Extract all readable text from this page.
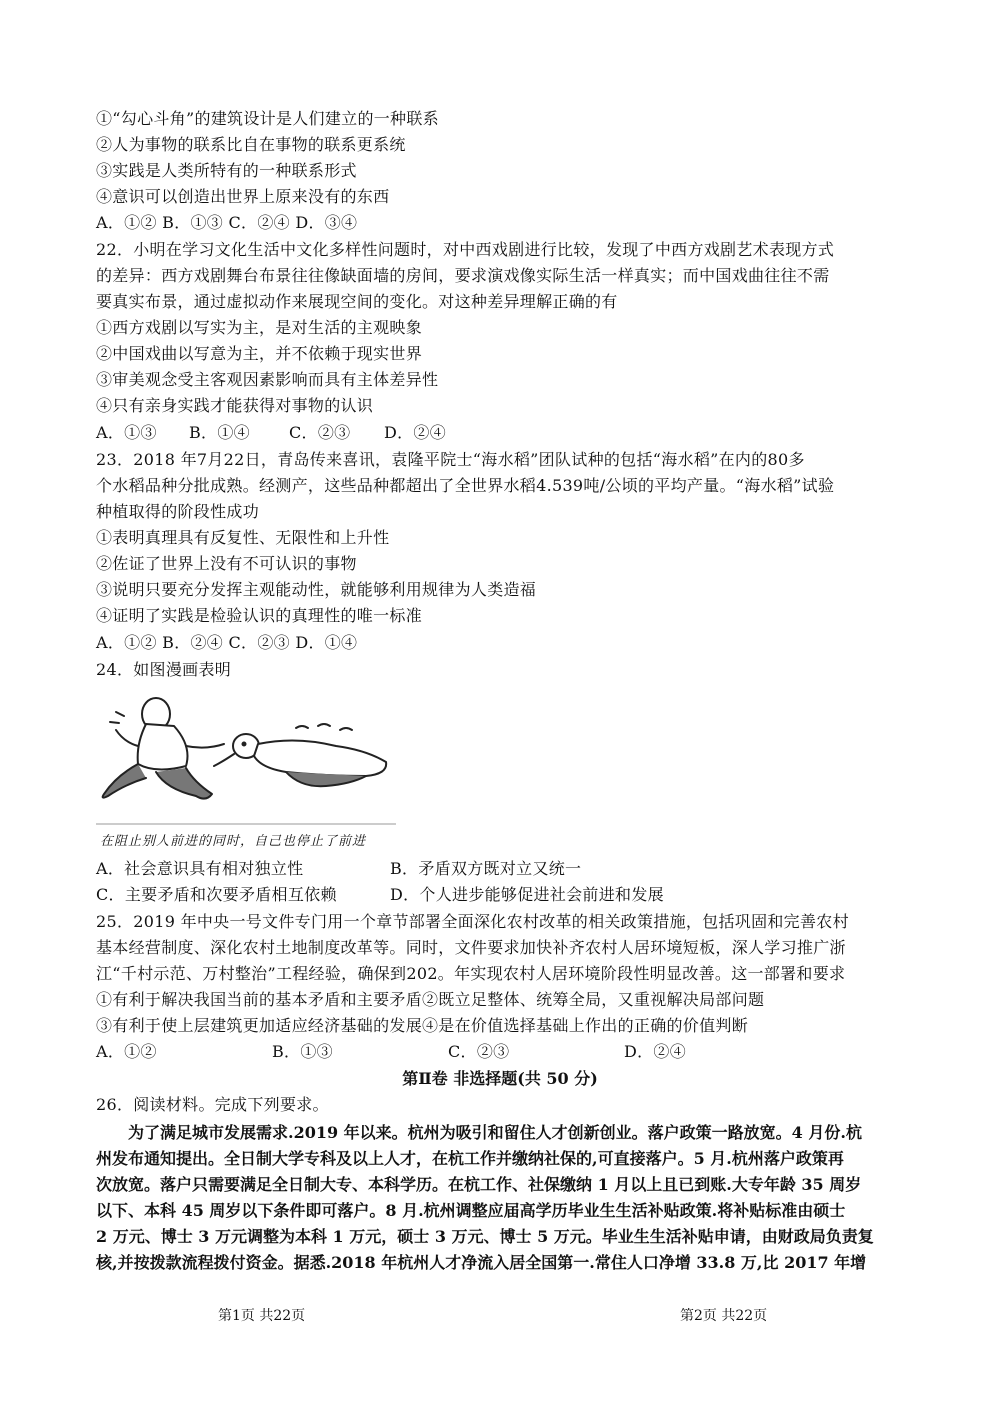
①“勾心斗角”的建筑设计是人们建立的一种联系
②人为事物的联系比自在事物的联系更系统
③实践是人类所特有的一种联系形式
④意识可以创造出世界上原来没有的东西
A．①② B．①③ C．②④ D．③④
22．小明在学习文化生活中文化多样性问题时，对中西戏剧进行比较，发现了中西方戏剧艺术表现方式
的差异：西方戏剧舞台布景往往像缺面墙的房间，要求演戏像实际生活一样真实；而中国戏曲往往不需
要真实布景，通过虚拟动作来展现空间的变化。对这种差异理解正确的有
①西方戏剧以写实为主，是对生活的主观映象
②中国戏曲以写意为主，并不依赖于现实世界
③审美观念受主客观因素影响而具有主体差异性
④只有亲身实践才能获得对事物的认识
A．①③ B．①④ C．②③ D．②④
23．2018 年7月22日，青岛传来喜讯，袁隆平院士“海水稻”团队试种的包括“海水稻”在内的80多
个水稻品种分批成熟。经测产，这些品种都超出了全世界水稻4.539吨/公顷的平均产量。“海水稻”试验
种植取得的阶段性成功
①表明真理具有反复性、无限性和上升性
②佐证了世界上没有不可认识的事物
③说明只要充分发挥主观能动性，就能够利用规律为人类造福
④证明了实践是检验认识的真理性的唯一标准
A．①② B．②④ C．②③ D．①④
24．如图漫画表明
在阻止别人前进的同时，自己也停止了前进
A．社会意识具有相对独立性	B．矛盾双方既对立又统一
C．主要矛盾和次要矛盾相互依赖	D．个人进步能够促进社会前进和发展
25．2019 年中央一号文件专门用一个章节部署全面深化农村改革的相关政策措施，包括巩固和完善农村
基本经营制度、深化农村土地制度改革等。同时，文件要求加快补齐农村人居环境短板，深人学习推广浙
江“千村示范、万村整治”工程经验，确保到202。年实现农村人居环境阶段性明显改善。这一部署和要求
①有利于解决我国当前的基本矛盾和主要矛盾②既立足整体、统筹全局，又重视解决局部问题
③有利于使上层建筑更加适应经济基础的发展④是在价值选择基础上作出的正确的价值判断
A．①②	B．①③	C．②③	D．②④
第Ⅱ卷 非选择题(共 50 分)
26．阅读材料。完成下列要求。
为了满足城市发展需求.2019 年以来。杭州为吸引和留住人才创新创业。落户政策一路放宽。4 月份.杭
州发布通知提出。全日制大学专科及以上人才，在杭工作并缴纳社保的,可直接落户。5 月.杭州落户政策再
次放宽。落户只需要满足全日制大专、本科学历。在杭工作、社保缴纳 1 月以上且已到账.大专年龄 35 周岁
以下、本科 45 周岁以下条件即可落户。8 月.杭州调整应届高学历毕业生生活补贴政策.将补贴标准由硕士
2 万元、博士 3 万元调整为本科 1 万元，硕士 3 万元、博士 5 万元。毕业生生活补贴申请，由财政局负责复
核,并按拨款流程拨付资金。据悉.2018 年杭州人才净流入居全国第一.常住人口净增 33.8 万,比 2017 年增
第1页 共22页	第2页 共22页
